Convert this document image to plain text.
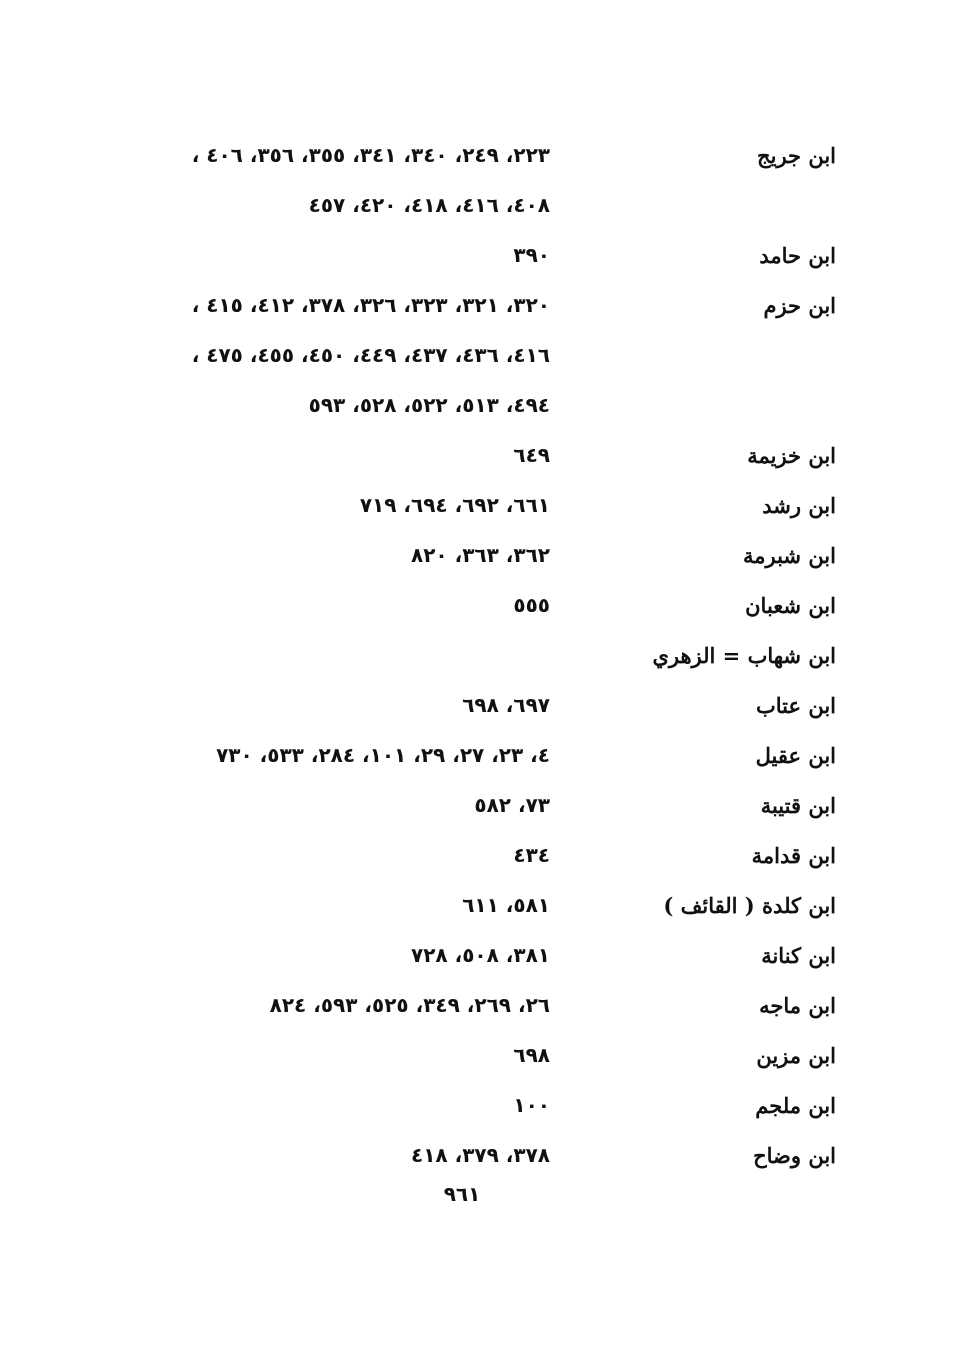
ابن جريج
٢٢٣، ٢٤٩، ٣٤٠، ٣٤١، ٣٥٥، ٣٥٦، ٤٠٦ ،
٤٠٨، ٤١٦، ٤١٨، ٤٢٠، ٤٥٧
ابن حامد
٣٩٠
ابن حزم
٣٢٠، ٣٢١، ٣٢٣، ٣٢٦، ٣٧٨، ٤١٢، ٤١٥ ،
٤١٦، ٤٣٦، ٤٣٧، ٤٤٩، ٤٥٠، ٤٥٥، ٤٧٥ ،
٤٩٤، ٥١٣، ٥٢٢، ٥٢٨، ٥٩٣
ابن خزيمة
٦٤٩
ابن رشد
٦٦١، ٦٩٢، ٦٩٤، ٧١٩
ابن شبرمة
٣٦٢، ٣٦٣، ٨٢٠
ابن شعبان
٥٥٥
ابن شهاب = الزهري
ابن عتاب
٦٩٧، ٦٩٨
ابن عقيل
٤، ٢٣، ٢٧، ٢٩، ١٠١، ٢٨٤، ٥٣٣، ٧٣٠
ابن قتيبة
٧٣، ٥٨٢
ابن قدامة
٤٣٤
ابن كلدة ( القائف )
٥٨١، ٦١١
ابن كنانة
٣٨١، ٥٠٨، ٧٢٨
ابن ماجه
٢٦، ٢٦٩، ٣٤٩، ٥٢٥، ٥٩٣، ٨٢٤
ابن مزين
٦٩٨
ابن ملجم
١٠٠
ابن وضاح
٣٧٨، ٣٧٩، ٤١٨
٩٦١
